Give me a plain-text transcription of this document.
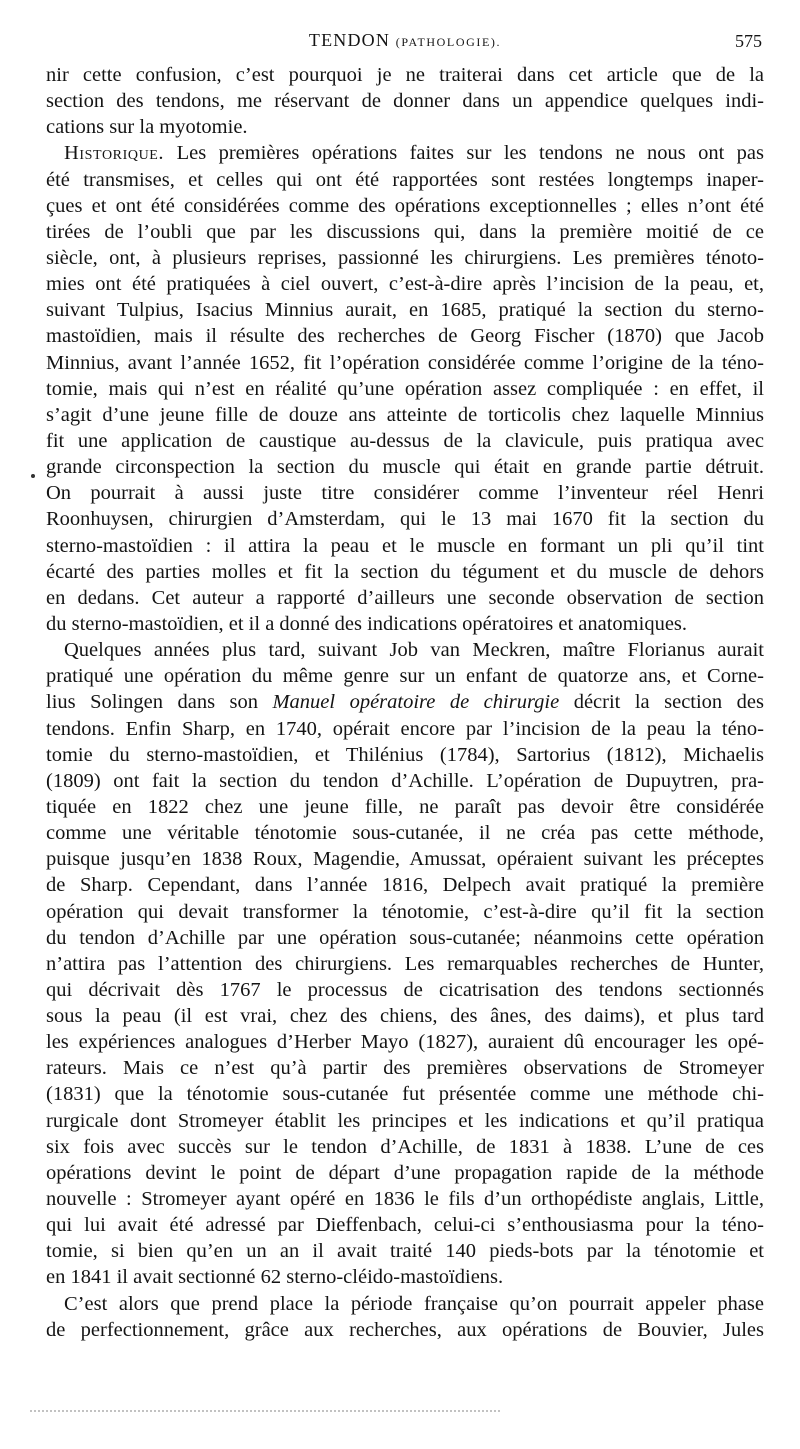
TENDON (PATHOLOGIE).	575
nir cette confusion, c’est pourquoi je ne traiterai dans cet article que de la
section des tendons, me réservant de donner dans un appendice quelques indi-
cations sur la myotomie.
Historique. Les premières opérations faites sur les tendons ne nous ont pas
été transmises, et celles qui ont été rapportées sont restées longtemps inaper-
çues et ont été considérées comme des opérations exceptionnelles ; elles n’ont été
tirées de l’oubli que par les discussions qui, dans la première moitié de ce
siècle, ont, à plusieurs reprises, passionné les chirurgiens. Les premières ténoto-
mies ont été pratiquées à ciel ouvert, c’est-à-dire après l’incision de la peau, et,
suivant Tulpius, Isacius Minnius aurait, en 1685, pratiqué la section du sterno-
mastoïdien, mais il résulte des recherches de Georg Fischer (1870) que Jacob
Minnius, avant l’année 1652, fit l’opération considérée comme l’origine de la téno-
tomie, mais qui n’est en réalité qu’une opération assez compliquée : en effet, il
s’agit d’une jeune fille de douze ans atteinte de torticolis chez laquelle Minnius
fit une application de caustique au-dessus de la clavicule, puis pratiqua avec
grande circonspection la section du muscle qui était en grande partie détruit.
On pourrait à aussi juste titre considérer comme l’inventeur réel Henri
Roonhuysen, chirurgien d’Amsterdam, qui le 13 mai 1670 fit la section du
sterno-mastoïdien : il attira la peau et le muscle en formant un pli qu’il tint
écarté des parties molles et fit la section du tégument et du muscle de dehors
en dedans. Cet auteur a rapporté d’ailleurs une seconde observation de section
du sterno-mastoïdien, et il a donné des indications opératoires et anatomiques.
Quelques années plus tard, suivant Job van Meckren, maître Florianus aurait
pratiqué une opération du même genre sur un enfant de quatorze ans, et Corne-
lius Solingen dans son Manuel opératoire de chirurgie décrit la section des
tendons. Enfin Sharp, en 1740, opérait encore par l’incision de la peau la téno-
tomie du sterno-mastoïdien, et Thilénius (1784), Sartorius (1812), Michaelis
(1809) ont fait la section du tendon d’Achille. L’opération de Dupuytren, pra-
tiquée en 1822 chez une jeune fille, ne paraît pas devoir être considérée
comme une véritable ténotomie sous-cutanée, il ne créa pas cette méthode,
puisque jusqu’en 1838 Roux, Magendie, Amussat, opéraient suivant les préceptes
de Sharp. Cependant, dans l’année 1816, Delpech avait pratiqué la première
opération qui devait transformer la ténotomie, c’est-à-dire qu’il fit la section
du tendon d’Achille par une opération sous-cutanée; néanmoins cette opération
n’attira pas l’attention des chirurgiens. Les remarquables recherches de Hunter,
qui décrivait dès 1767 le processus de cicatrisation des tendons sectionnés
sous la peau (il est vrai, chez des chiens, des ânes, des daims), et plus tard
les expériences analogues d’Herber Mayo (1827), auraient dû encourager les opé-
rateurs. Mais ce n’est qu’à partir des premières observations de Stromeyer
(1831) que la ténotomie sous-cutanée fut présentée comme une méthode chi-
rurgicale dont Stromeyer établit les principes et les indications et qu’il pratiqua
six fois avec succès sur le tendon d’Achille, de 1831 à 1838. L’une de ces
opérations devint le point de départ d’une propagation rapide de la méthode
nouvelle : Stromeyer ayant opéré en 1836 le fils d’un orthopédiste anglais, Little,
qui lui avait été adressé par Dieffenbach, celui-ci s’enthousiasma pour la téno-
tomie, si bien qu’en un an il avait traité 140 pieds-bots par la ténotomie et
en 1841 il avait sectionné 62 sterno-cléido-mastoïdiens.
C’est alors que prend place la période française qu’on pourrait appeler phase
de perfectionnement, grâce aux recherches, aux opérations de Bouvier, Jules
